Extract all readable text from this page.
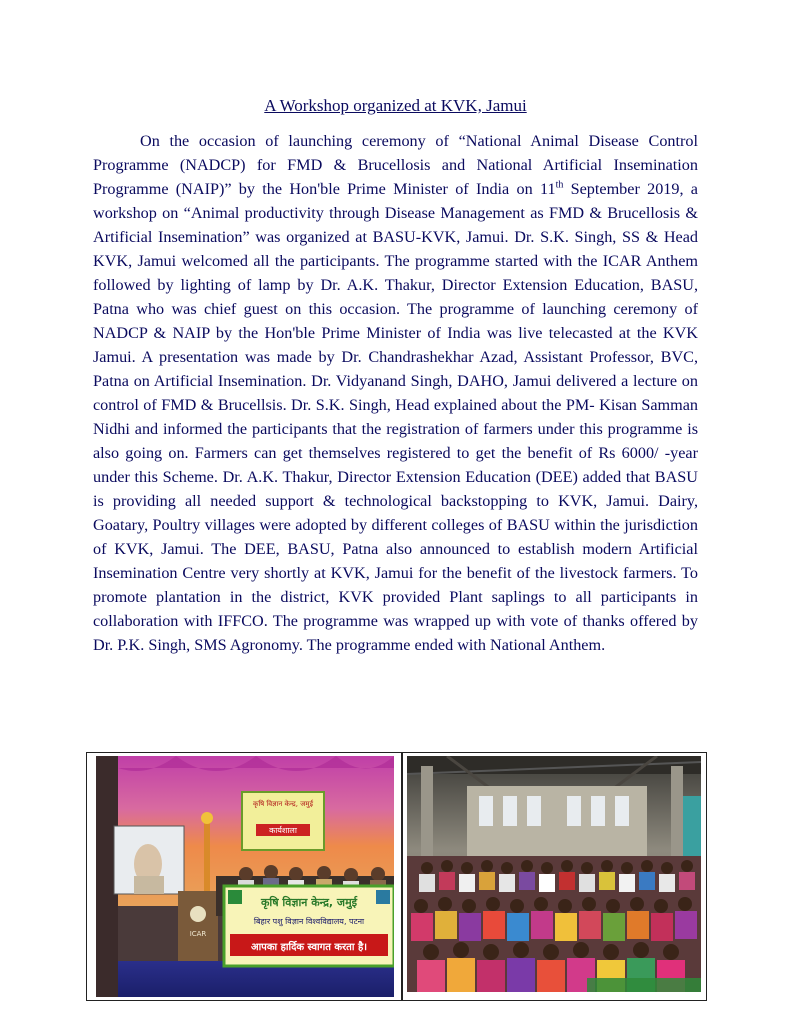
A Workshop organized at KVK, Jamui

On the occasion of launching ceremony of “National Animal Disease Control Programme (NADCP) for FMD & Brucellosis and National Artificial Insemination Programme (NAIP)” by the Hon'ble Prime Minister of India on 11th September 2019, a workshop on “Animal productivity through Disease Management as FMD & Brucellosis & Artificial Insemination” was organized at BASU-KVK, Jamui. Dr. S.K. Singh, SS & Head KVK, Jamui welcomed all the participants. The programme started with the ICAR Anthem followed by lighting of lamp by Dr. A.K. Thakur, Director Extension Education, BASU, Patna who was chief guest on this occasion. The programme of launching ceremony of NADCP & NAIP by the Hon'ble Prime Minister of India was live telecasted at the KVK Jamui. A presentation was made by Dr. Chandrashekhar Azad, Assistant Professor, BVC, Patna on Artificial Insemination. Dr. Vidyanand Singh, DAHO, Jamui delivered a lecture on control of FMD & Brucellsis. Dr. S.K. Singh, Head explained about the PM- Kisan Samman Nidhi and informed the participants that the registration of farmers under this programme is also going on. Farmers can get themselves registered to get the benefit of Rs 6000/ -year under this Scheme. Dr. A.K. Thakur, Director Extension Education (DEE) added that BASU is providing all needed support & technological backstopping to KVK, Jamui. Dairy, Goatary, Poultry villages were adopted by different colleges of BASU within the jurisdiction of KVK, Jamui. The DEE, BASU, Patna also announced to establish modern Artificial Insemination Centre very shortly at KVK, Jamui for the benefit of the livestock farmers. To promote plantation in the district, KVK provided Plant saplings to all participants in collaboration with IFFCO. The programme was wrapped up with vote of thanks offered by Dr. P.K. Singh, SMS Agronomy. The programme ended with National Anthem.

ICAR
कृषि विज्ञान केन्द्र, जमुई
कार्यशाला
कृषि विज्ञान केन्द्र, जमुई
बिहार पशु विज्ञान विश्वविद्यालय, पटना
आपका हार्दिक स्वागत करता है।
